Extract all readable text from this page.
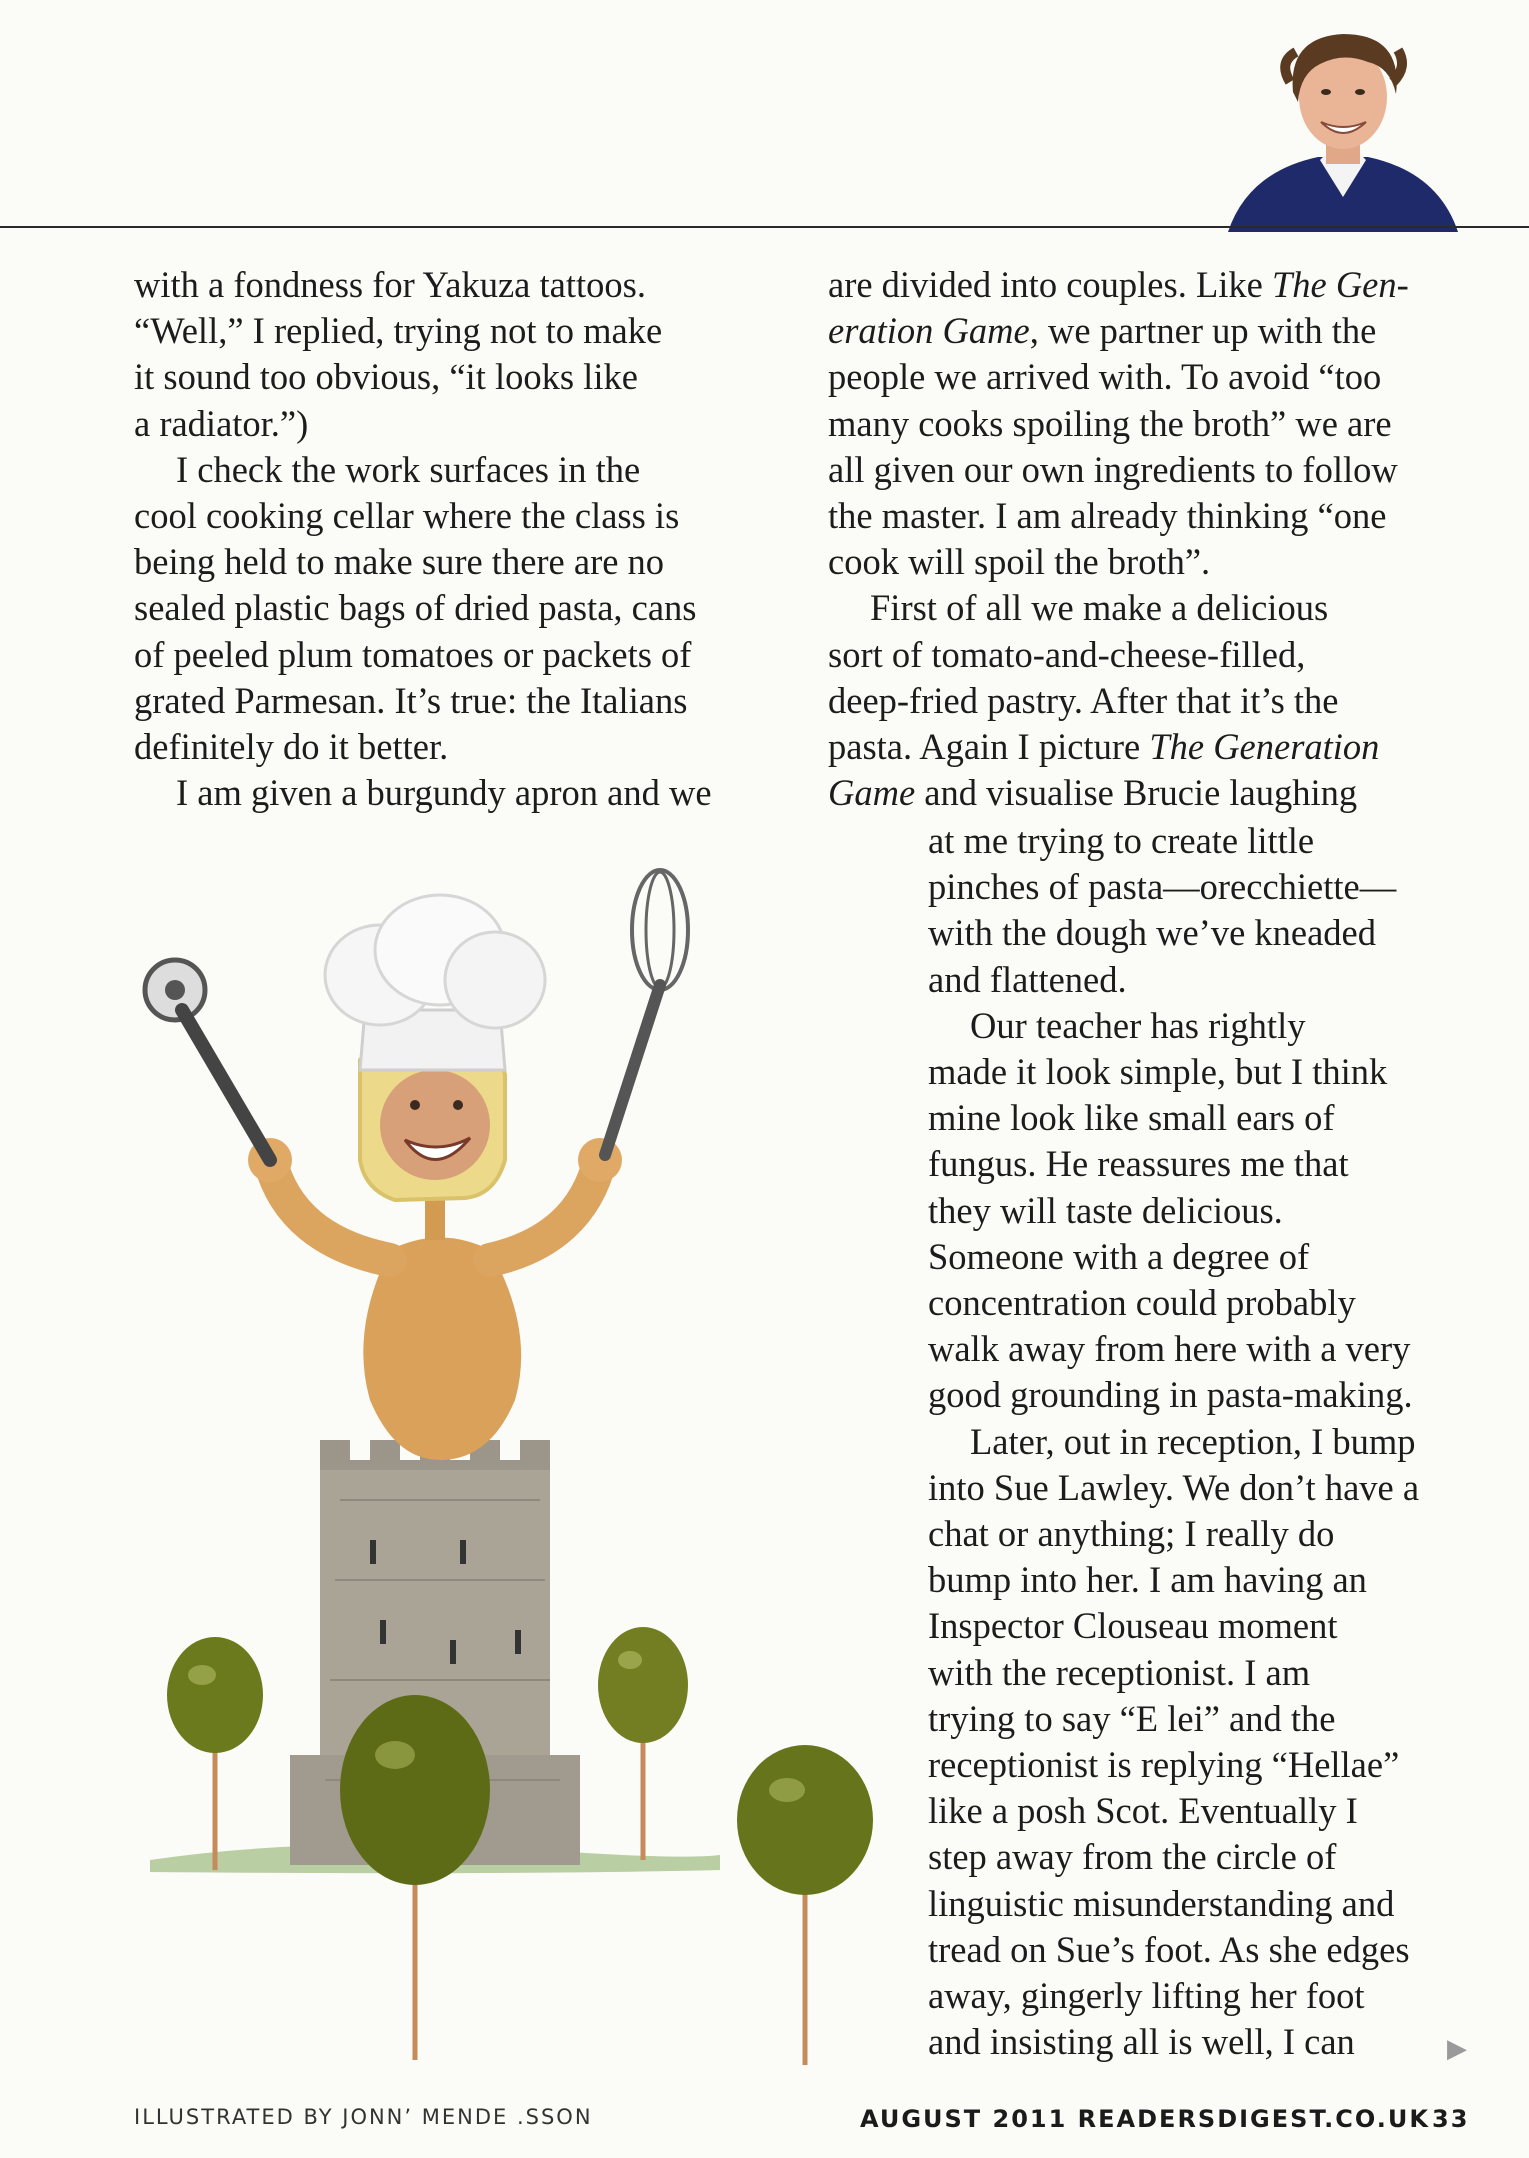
with a fondness for Yakuza tattoos.
“Well,” I replied, trying not to make
it sound too obvious, “it looks like
a radiator.”)
I check the work surfaces in the
cool cooking cellar where the class is
being held to make sure there are no
sealed plastic bags of dried pasta, cans
of peeled plum tomatoes or packets of
grated Parmesan. It’s true: the Italians
definitely do it better.
I am given a burgundy apron and we
are divided into couples. Like The Gen-
eration Game, we partner up with the
people we arrived with. To avoid “too
many cooks spoiling the broth” we are
all given our own ingredients to follow
the master. I am already thinking “one
cook will spoil the broth”.
First of all we make a delicious
sort of tomato-and-cheese-filled,
deep-fried pastry. After that it’s the
pasta. Again I picture The Generation
Game and visualise Brucie laughing
at me trying to create little
pinches of pasta—orecchiette—
with the dough we’ve kneaded
and flattened.
Our teacher has rightly
made it look simple, but I think
mine look like small ears of
fungus. He reassures me that
they will taste delicious.
Someone with a degree of
concentration could probably
walk away from here with a very
good grounding in pasta-making.
Later, out in reception, I bump
into Sue Lawley. We don’t have a
chat or anything; I really do
bump into her. I am having an
Inspector Clouseau moment
with the receptionist. I am
trying to say “E lei” and the
receptionist is replying “Hellae”
like a posh Scot. Eventually I
step away from the circle of
linguistic misunderstanding and
tread on Sue’s foot. As she edges
away, gingerly lifting her foot
and insisting all is well, I can	▶
ILLUSTRATED BY JONNʼ MENDE .SSON	AUGUST 2011 READERSDIGEST.CO.UK 33
